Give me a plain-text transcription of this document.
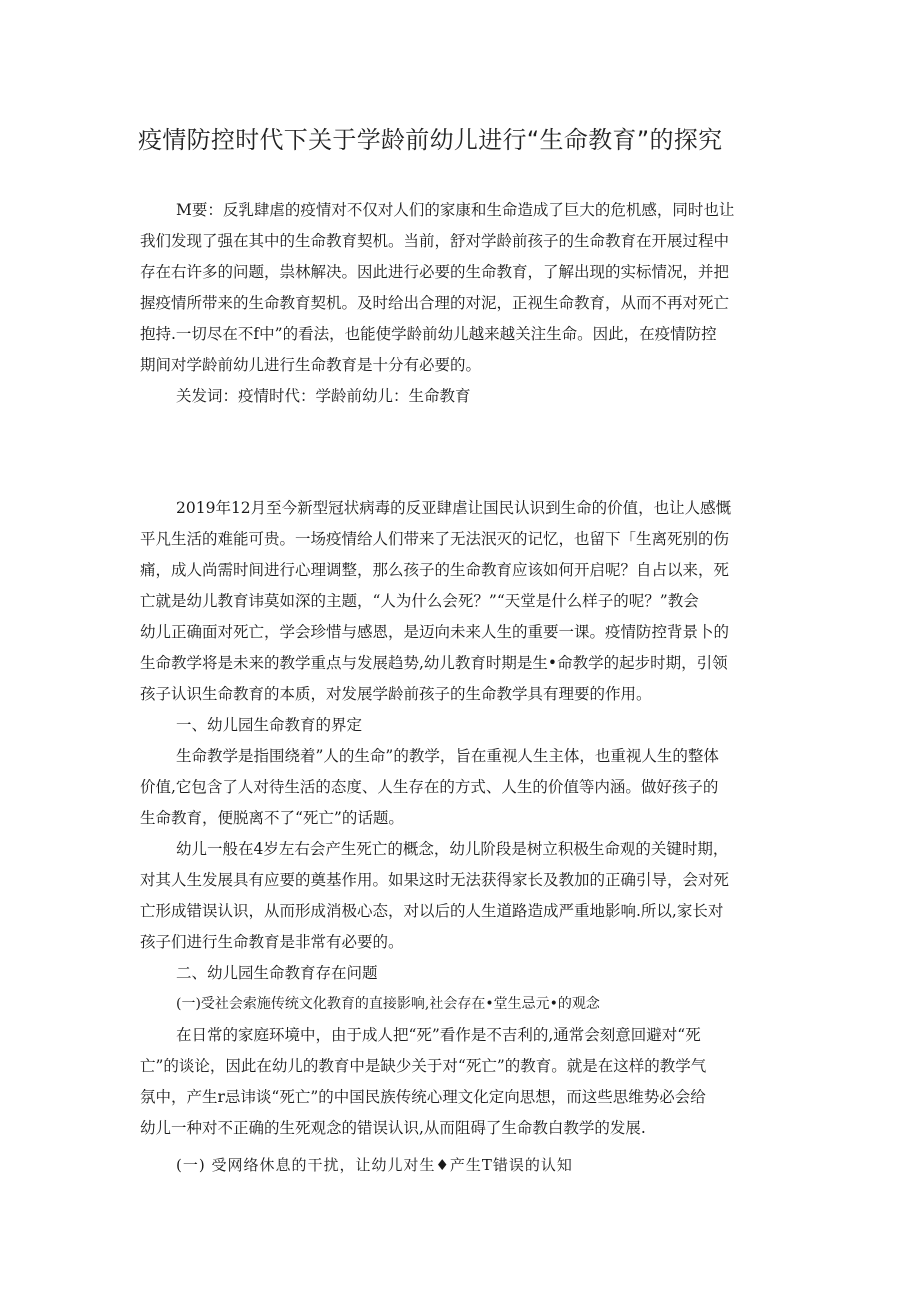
疫情防控时代下关于学龄前幼儿进行“生命教育”的探究
M要：反乳肆虐的疫情对不仅对人们的家康和生命造成了巨大的危机感，同时也让
我们发现了强在其中的生命教育契机。当前，舒对学龄前孩子的生命教育在开展过程中
存在右许多的问题，祟林解决。因此进行必要的生命教育，了解出现的实标情况，并把
握疫情所带来的生命教育契机。及时给出合理的对泥，正视生命教育，从而不再对死亡
抱持.一切尽在不f中”的看法，也能使学龄前幼儿越来越关注生命。因此，在疫情防控
期间对学龄前幼儿进行生命教育是十分有必要的。
关发词：疫情时代：学龄前幼儿：生命教育
2019年12月至今新型冠状病毒的反亚肆虐让国民认识到生命的价值，也让人感慨
平凡生活的难能可贵。一场疫情给人们带来了无法泯灭的记忆，也留下「生离死别的伤
痛，成人尚需时间进行心理调整，那么孩子的生命教育应该如何开启呢？自占以来，死
亡就是幼儿教育讳莫如深的主题，“人为什么会死？”“天堂是什么样子的呢？”教会
幼儿正确面对死亡，学会珍惜与感恩，是迈向未来人生的重要一课。疫情防控背景卜的
生命教学将是未来的教学重点与发展趋势,幼儿教育时期是生•命教学的起步时期，引领
孩子认识生命教育的本质，对发展学龄前孩子的生命教学具有理要的作用。
一、幼儿园生命教育的界定
生命教学是指围绕着”人的生命”的教学，旨在重视人生主体，也重视人生的整体
价值,它包含了人对待生活的态度、人生存在的方式、人生的价值等内涵。做好孩子的
生命教育，便脱离不了“死亡”的话题。
幼儿一般在4岁左右会产生死亡的概念，幼儿阶段是树立积极生命观的关键时期，
对其人生发展具有应要的奠基作用。如果这时无法获得家长及教加的正确引导，会对死
亡形成错误认识，从而形成消极心态，对以后的人生道路造成严重地影响.所以,家长对
孩子们进行生命教育是非常有必要的。
二、幼儿园生命教育存在问题
(一)受社会索施传统文化教育的直接影响,社会存在•堂生忌元•的观念
在日常的家庭环境中，由于成人把“死”看作是不吉利的,通常会刻意回避对“死
亡”的谈论，因此在幼儿的教育中是缺少关于对“死亡”的教育。就是在这样的教学气
氛中，产生r忌讳谈“死亡”的中国民族传统心理文化定向思想，而这些思维势必会给
幼儿一种对不正确的生死观念的错误认识,从而阻碍了生命教白教学的发展.
(一) 受网络休息的干扰，让幼儿对生♦产生T错误的认知
